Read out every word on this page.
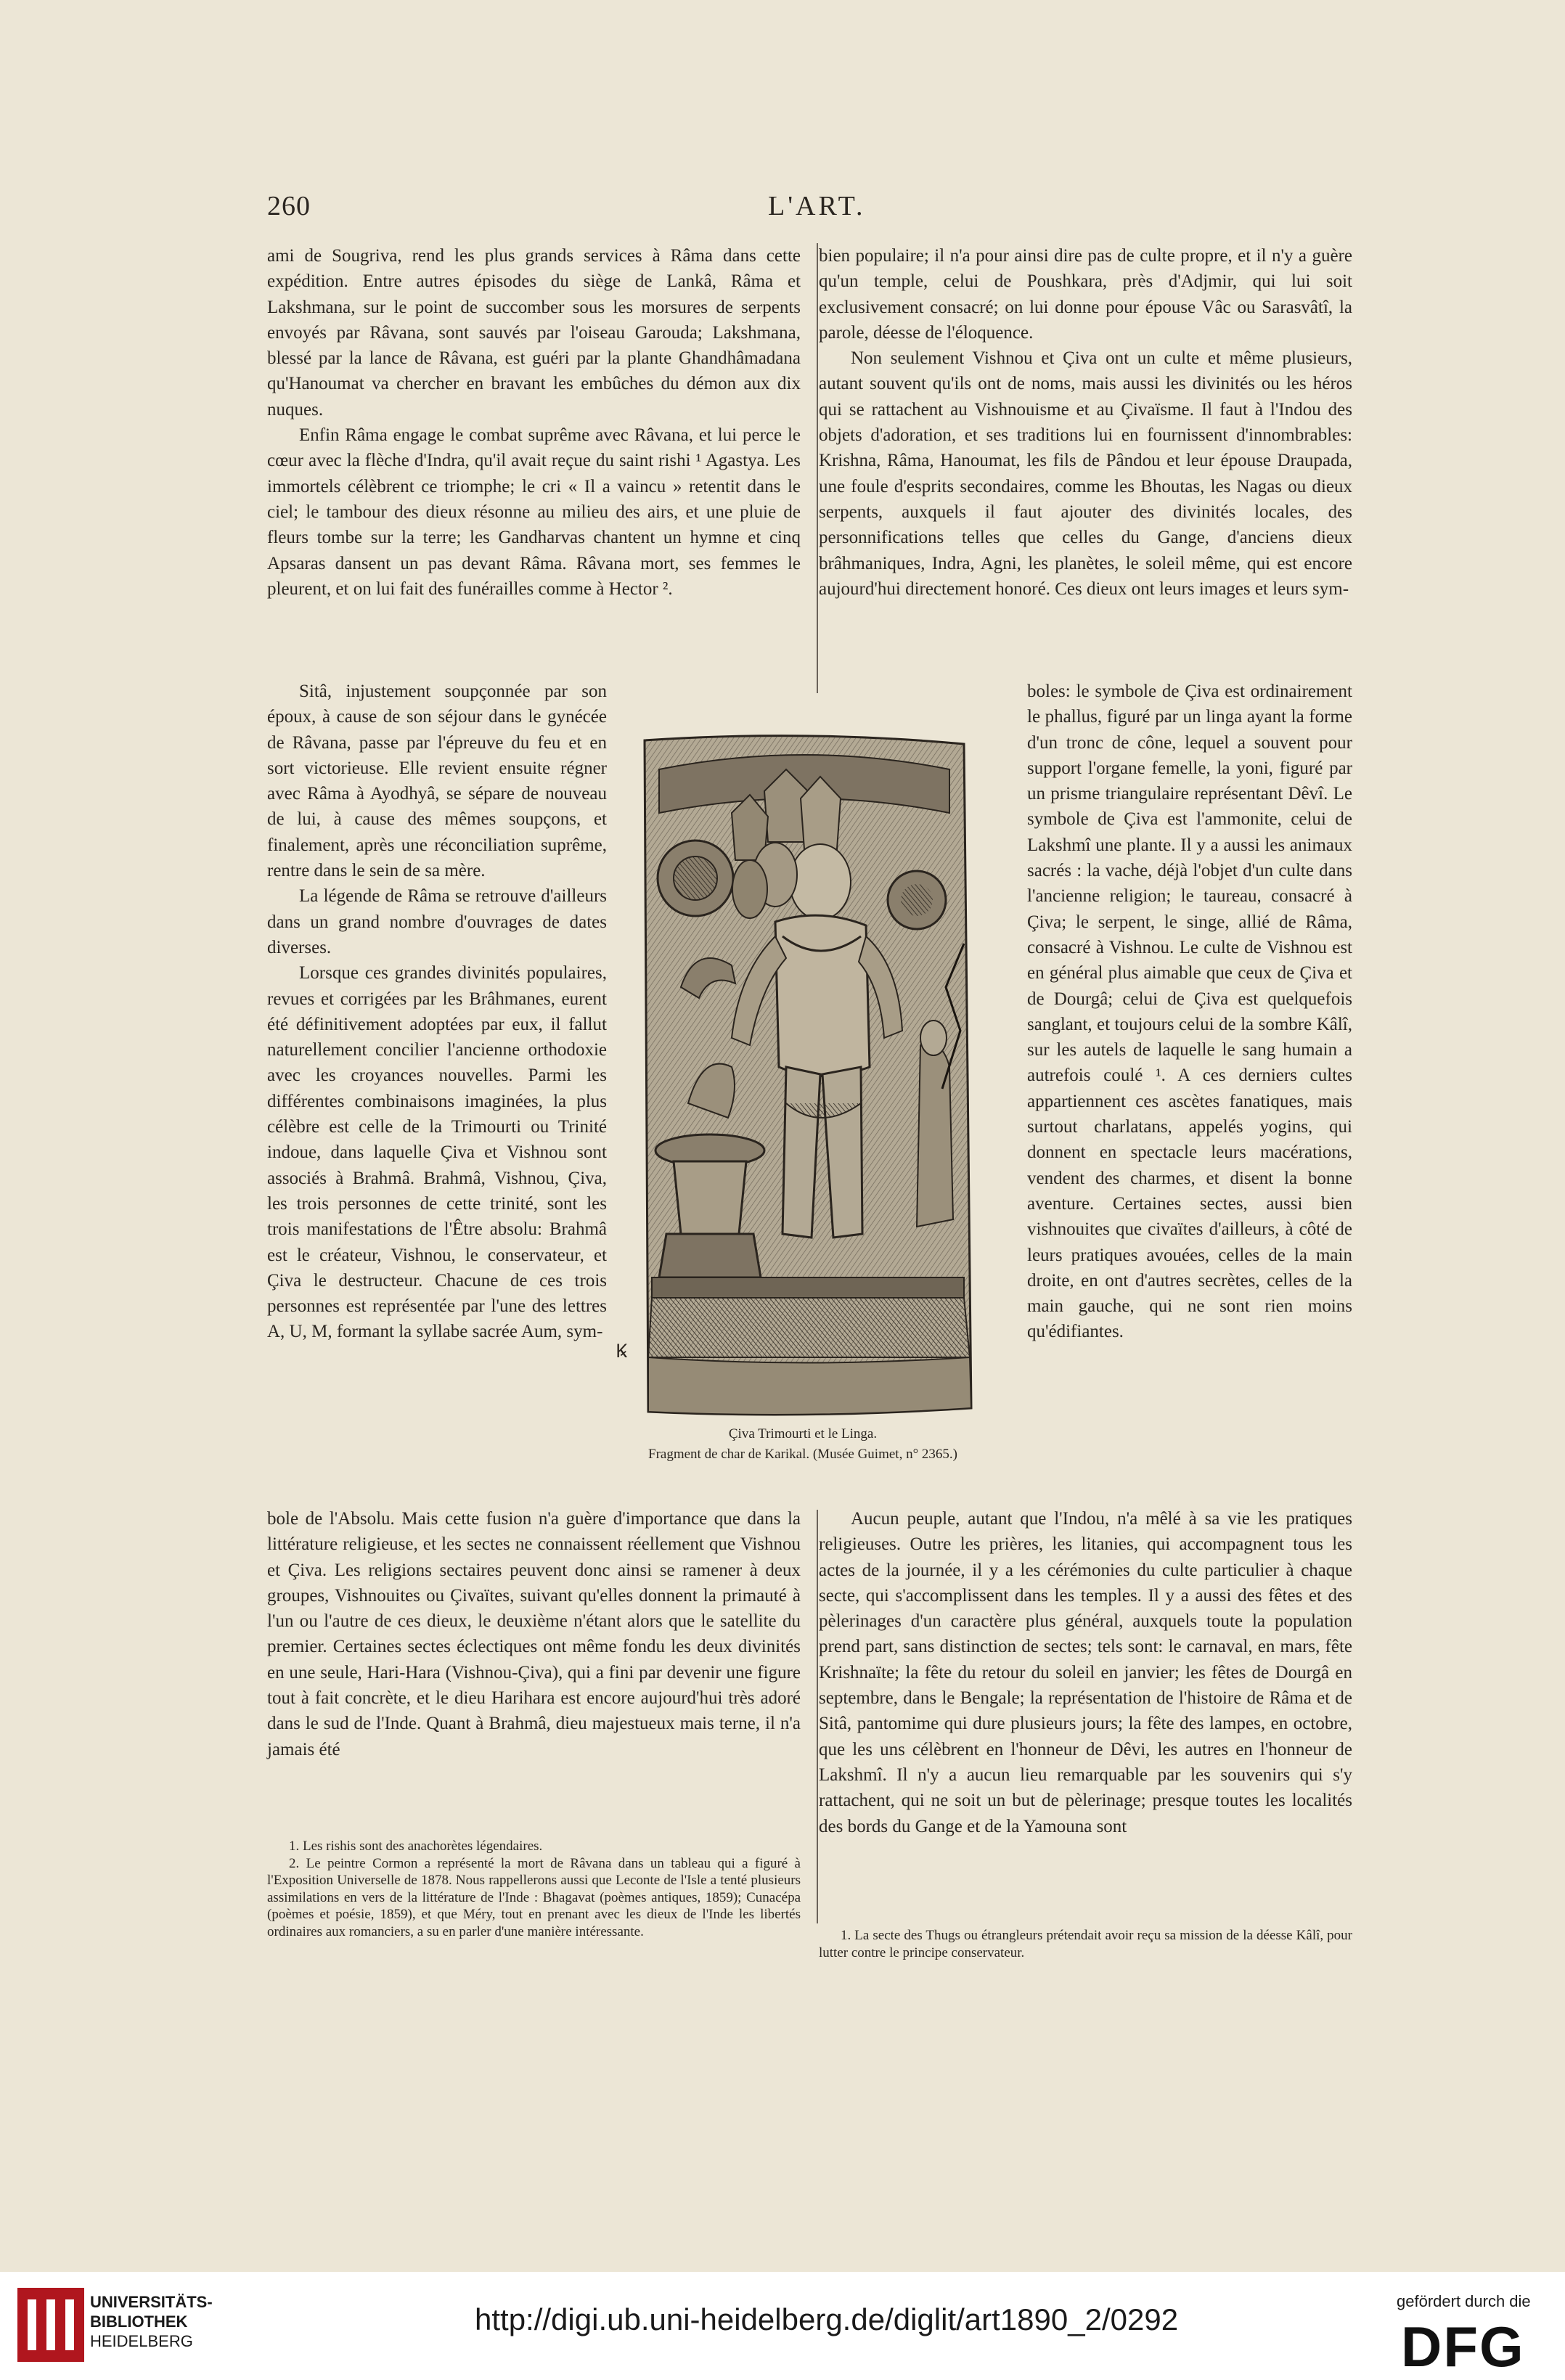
260	L'ART.

ami de Sougriva, rend les plus grands services à Râma dans cette expédition. Entre autres épisodes du siège de Lankâ, Râma et Lakshmana, sur le point de succomber sous les morsures de serpents envoyés par Râvana, sont sauvés par l'oiseau Garouda; Lakshmana, blessé par la lance de Râvana, est guéri par la plante Ghandhâmadana qu'Hanoumat va chercher en bravant les embûches du démon aux dix nuques.

Enfin Râma engage le combat suprême avec Râvana, et lui perce le cœur avec la flèche d'Indra, qu'il avait reçue du saint rishi ¹ Agastya. Les immortels célèbrent ce triomphe; le cri « Il a vaincu » retentit dans le ciel; le tambour des dieux résonne au milieu des airs, et une pluie de fleurs tombe sur la terre; les Gandharvas chantent un hymne et cinq Apsaras dansent un pas devant Râma. Râvana mort, ses femmes le pleurent, et on lui fait des funérailles comme à Hector ².

Sitâ, injustement soupçonnée par son époux, à cause de son séjour dans le gynécée de Râvana, passe par l'épreuve du feu et en sort victorieuse. Elle revient ensuite régner avec Râma à Ayodhyâ, se sépare de nouveau de lui, à cause des mêmes soupçons, et finalement, après une réconciliation suprême, rentre dans le sein de sa mère.

La légende de Râma se retrouve d'ailleurs dans un grand nombre d'ouvrages de dates diverses.

Lorsque ces grandes divinités populaires, revues et corrigées par les Brâhmanes, eurent été définitivement adoptées par eux, il fallut naturellement concilier l'ancienne orthodoxie avec les croyances nouvelles. Parmi les différentes combinaisons imaginées, la plus célèbre est celle de la Trimourti ou Trinité indoue, dans laquelle Çiva et Vishnou sont associés à Brahmâ. Brahmâ, Vishnou, Çiva, les trois personnes de cette trinité, sont les trois manifestations de l'Être absolu: Brahmâ est le créateur, Vishnou, le conservateur, et Çiva le destructeur. Chacune de ces trois personnes est représentée par l'une des lettres A, U, M, formant la syllabe sacrée Aum, sym-

bole de l'Absolu. Mais cette fusion n'a guère d'importance que dans la littérature religieuse, et les sectes ne connaissent réellement que Vishnou et Çiva. Les religions sectaires peuvent donc ainsi se ramener à deux groupes, Vishnouites ou Çivaïtes, suivant qu'elles donnent la primauté à l'un ou l'autre de ces dieux, le deuxième n'étant alors que le satellite du premier. Certaines sectes éclectiques ont même fondu les deux divinités en une seule, Hari-Hara (Vishnou-Çiva), qui a fini par devenir une figure tout à fait concrète, et le dieu Harihara est encore aujourd'hui très adoré dans le sud de l'Inde. Quant à Brahmâ, dieu majestueux mais terne, il n'a jamais été

1. Les rishis sont des anachorètes légendaires.

2. Le peintre Cormon a représenté la mort de Râvana dans un tableau qui a figuré à l'Exposition Universelle de 1878. Nous rappellerons aussi que Leconte de l'Isle a tenté plusieurs assimilations en vers de la littérature de l'Inde : Bhagavat (poèmes antiques, 1859); Cunacépa (poèmes et poésie, 1859), et que Méry, tout en prenant avec les dieux de l'Inde les libertés ordinaires aux romanciers, a su en parler d'une manière intéressante.

bien populaire; il n'a pour ainsi dire pas de culte propre, et il n'y a guère qu'un temple, celui de Poushkara, près d'Adjmir, qui lui soit exclusivement consacré; on lui donne pour épouse Vâc ou Sarasvâtî, la parole, déesse de l'éloquence.

Non seulement Vishnou et Çiva ont un culte et même plusieurs, autant souvent qu'ils ont de noms, mais aussi les divinités ou les héros qui se rattachent au Vishnouisme et au Çivaïsme. Il faut à l'Indou des objets d'adoration, et ses traditions lui en fournissent d'innombrables: Krishna, Râma, Hanoumat, les fils de Pândou et leur épouse Draupada, une foule d'esprits secondaires, comme les Bhoutas, les Nagas ou dieux serpents, auxquels il faut ajouter des divinités locales, des personnifications telles que celles du Gange, d'anciens dieux brâhmaniques, Indra, Agni, les planètes, le soleil même, qui est encore aujourd'hui directement honoré. Ces dieux ont leurs images et leurs sym-

boles: le symbole de Çiva est ordinairement le phallus, figuré par un linga ayant la forme d'un tronc de cône, lequel a souvent pour support l'organe femelle, la yoni, figuré par un prisme triangulaire représentant Dêvî. Le symbole de Çiva est l'ammonite, celui de Lakshmî une plante. Il y a aussi les animaux sacrés : la vache, déjà l'objet d'un culte dans l'ancienne religion; le taureau, consacré à Çiva; le serpent, le singe, allié de Râma, consacré à Vishnou. Le culte de Vishnou est en général plus aimable que ceux de Çiva et de Dourgâ; celui de Çiva est quelquefois sanglant, et toujours celui de la sombre Kâlî, sur les autels de laquelle le sang humain a autrefois coulé ¹. A ces derniers cultes appartiennent ces ascètes fanatiques, mais surtout charlatans, appelés yogins, qui donnent en spectacle leurs macérations, vendent des charmes, et disent la bonne aventure. Certaines sectes, aussi bien vishnouites que civaïtes d'ailleurs, à côté de leurs pratiques avouées, celles de la main droite, en ont d'autres secrètes, celles de la main gauche, qui ne sont rien moins qu'édifiantes.

Aucun peuple, autant que l'Indou, n'a mêlé à sa vie les pratiques religieuses. Outre les prières, les litanies, qui accompagnent tous les actes de la journée, il y a les cérémonies du culte particulier à chaque secte, qui s'accomplissent dans les temples. Il y a aussi des fêtes et des pèlerinages d'un caractère plus général, auxquels toute la population prend part, sans distinction de sectes; tels sont: le carnaval, en mars, fête Krishnaïte; la fête du retour du soleil en janvier; les fêtes de Dourgâ en septembre, dans le Bengale; la représentation de l'histoire de Râma et de Sitâ, pantomime qui dure plusieurs jours; la fête des lampes, en octobre, que les uns célèbrent en l'honneur de Dêvi, les autres en l'honneur de Lakshmî. Il n'y a aucun lieu remarquable par les souvenirs qui s'y rattachent, qui ne soit un but de pèlerinage; presque toutes les localités des bords du Gange et de la Yamouna sont

1. La secte des Thugs ou étrangleurs prétendait avoir reçu sa mission de la déesse Kâlî, pour lutter contre le principe conservateur.

Ꝃ
Çiva Trimourti et le Linga.
Fragment de char de Karikal. (Musée Guimet, n° 2365.)
UNIVERSITÄTS-
BIBLIOTHEK
HEIDELBERG
http://digi.ub.uni-heidelberg.de/diglit/art1890_2/0292
gefördert durch die
DFG
